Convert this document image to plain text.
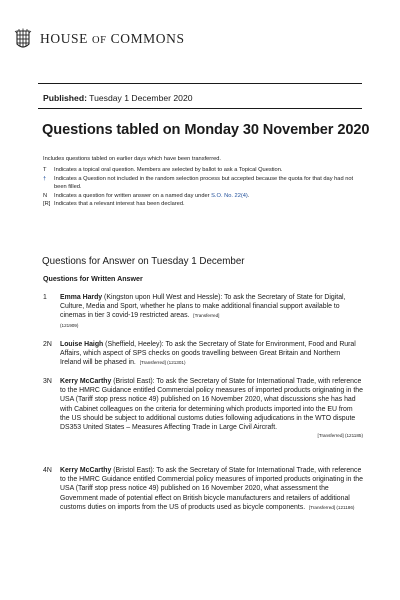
HOUSE OF COMMONS
Published: Tuesday 1 December 2020
Questions tabled on Monday 30 November 2020
Includes questions tabled on earlier days which have been transferred.
T	Indicates a topical oral question. Members are selected by ballot to ask a Topical Question.
†	Indicates a Question not included in the random selection process but accepted because the quota for that day had not been filled.
N	Indicates a question for written answer on a named day under S.O. No. 22(4).
[R] Indicates that a relevant interest has been declared.
Questions for Answer on Tuesday 1 December
Questions for Written Answer
1 Emma Hardy (Kingston upon Hull West and Hessle): To ask the Secretary of State for Digital, Culture, Media and Sport, whether he plans to make additional financial support available to cinemas in tier 3 covid-19 restricted areas. [Transferred]
(121909)
2N Louise Haigh (Sheffield, Heeley): To ask the Secretary of State for Environment, Food and Rural Affairs, which aspect of SPS checks on goods travelling between Great Britain and Northern Ireland will be phased in. [Transferred] (121301)
3N Kerry McCarthy (Bristol East): To ask the Secretary of State for International Trade, with reference to the HMRC Guidance entitled Commercial policy measures of imported products originating in the USA (Tariff stop press notice 49) published on 16 November 2020, what discussions she has had with Cabinet colleagues on the criteria for determining which products imported into the EU from the US should be subject to additional customs duties following adjudications in the WTO dispute DS353 United States – Measures Affecting Trade in Large Civil Aircraft.
[Transferred] (121185)
4N Kerry McCarthy (Bristol East): To ask the Secretary of State for International Trade, with reference to the HMRC Guidance entitled Commercial policy measures of imported products originating in the USA (Tariff stop press notice 49) published on 16 November 2020, what assessment the Government made of potential effect on British bicycle manufacturers and retailers of additional customs duties on imports from the US of products used as bicycle components. [Transferred] (121186)
